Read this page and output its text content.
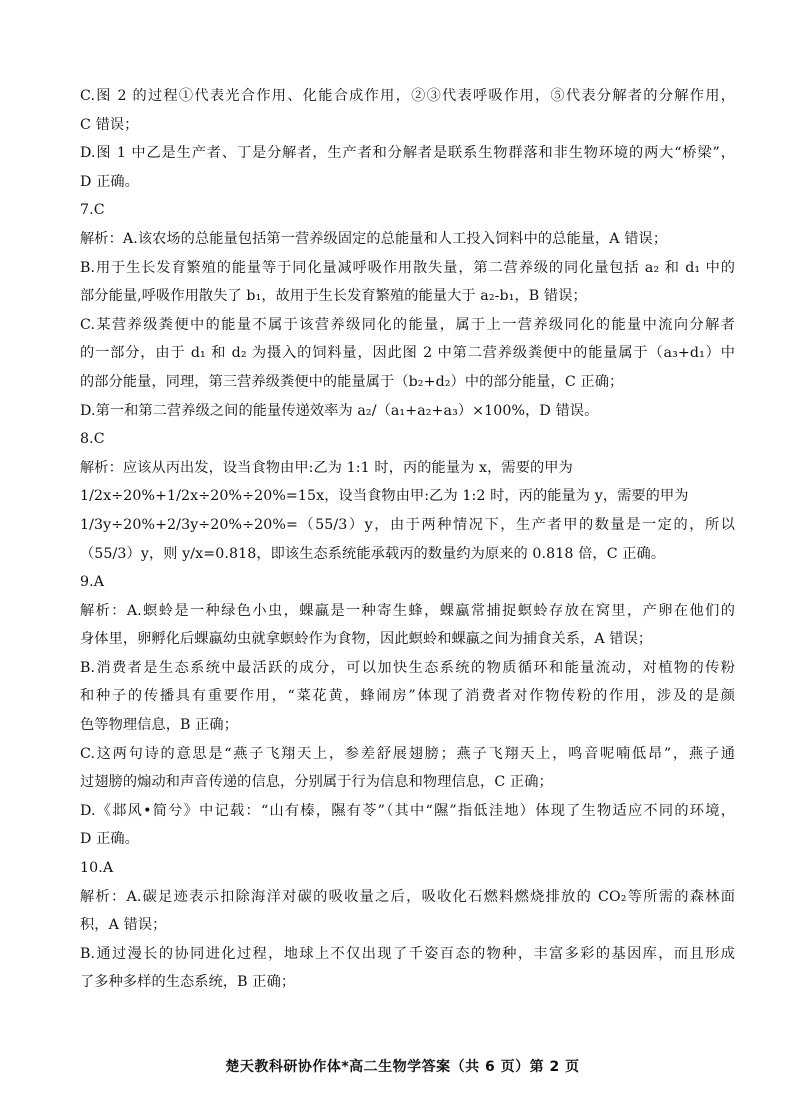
C.图 2 的过程①代表光合作用、化能合成作用，②③代表呼吸作用，⑤代表分解者的分解作用，
C 错误；
D.图 1 中乙是生产者、丁是分解者，生产者和分解者是联系生物群落和非生物环境的两大“桥梁”，
D 正确。
7.C
解析：A.该农场的总能量包括第一营养级固定的总能量和人工投入饲料中的总能量，A 错误；
B.用于生长发育繁殖的能量等于同化量减呼吸作用散失量，第二营养级的同化量包括 a₂ 和 d₁ 中的
部分能量,呼吸作用散失了 b₁，故用于生长发育繁殖的能量大于 a₂-b₁，B 错误；
C.某营养级粪便中的能量不属于该营养级同化的能量，属于上一营养级同化的能量中流向分解者
的一部分，由于 d₁ 和 d₂ 为摄入的饲料量，因此图 2 中第二营养级粪便中的能量属于（a₃+d₁）中
的部分能量，同理，第三营养级粪便中的能量属于（b₂+d₂）中的部分能量，C 正确；
D.第一和第二营养级之间的能量传递效率为 a₂/（a₁+a₂+a₃）×100%，D 错误。
8.C
解析：应该从丙出发，设当食物由甲:乙为 1:1 时，丙的能量为 x，需要的甲为
1/2x÷20%+1/2x÷20%÷20%=15x，设当食物由甲:乙为 1:2 时，丙的能量为 y，需要的甲为
1/3y÷20%+2/3y÷20%÷20%=（55/3）y，由于两种情况下，生产者甲的数量是一定的，所以
（55/3）y，则 y/x=0.818，即该生态系统能承载丙的数量约为原来的 0.818 倍，C 正确。
9.A
解析：A.螟蛉是一种绿色小虫，蜾蠃是一种寄生蜂，蜾蠃常捕捉螟蛉存放在窝里，产卵在他们的
身体里，卵孵化后蜾蠃幼虫就拿螟蛉作为食物，因此螟蛉和蜾蠃之间为捕食关系，A 错误；
B.消费者是生态系统中最活跃的成分，可以加快生态系统的物质循环和能量流动，对植物的传粉
和种子的传播具有重要作用，“菜花黄，蜂闹房”体现了消费者对作物传粉的作用，涉及的是颜
色等物理信息，B 正确；
C.这两句诗的意思是“燕子飞翔天上，参差舒展翅膀；燕子飞翔天上，鸣音呢喃低昂”，燕子通
过翅膀的煽动和声音传递的信息，分别属于行为信息和物理信息，C 正确；
D.《邶风•简兮》中记载：“山有榛，隰有苓”（其中“隰”指低洼地）体现了生物适应不同的环境，
D 正确。
10.A
解析：A.碳足迹表示扣除海洋对碳的吸收量之后，吸收化石燃料燃烧排放的 CO₂等所需的森林面
积，A 错误；
B.通过漫长的协同进化过程，地球上不仅出现了千姿百态的物种，丰富多彩的基因库，而且形成
了多种多样的生态系统，B 正确；
楚天教科研协作体*高二生物学答案（共 6 页）第 2 页
